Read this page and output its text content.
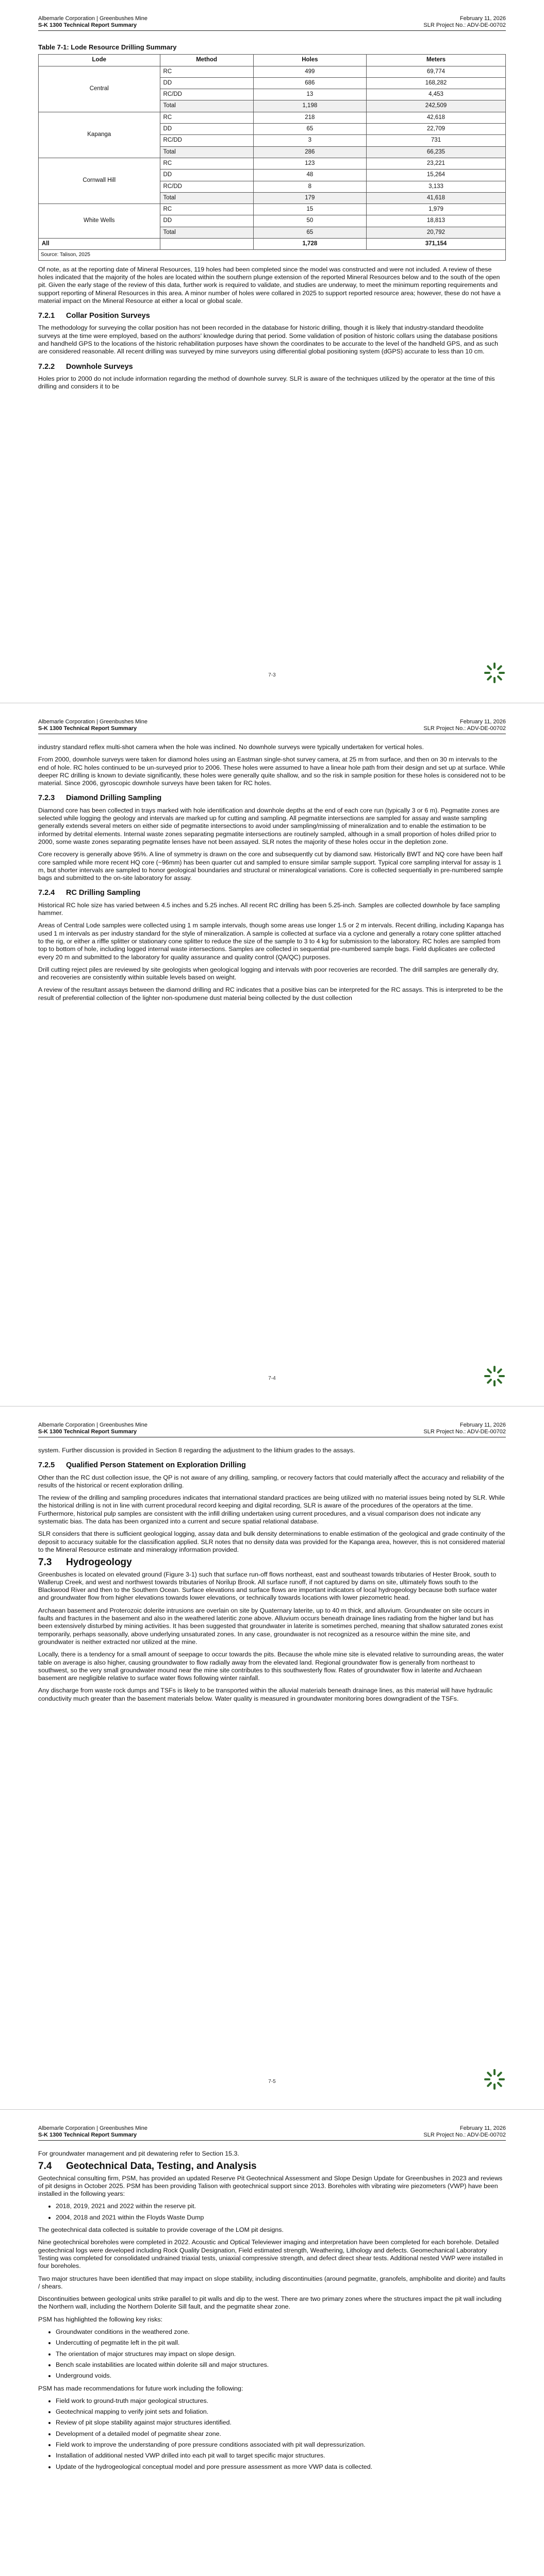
Albemarle Corporation | Greenbushes Mine
S-K 1300 Technical Report Summary
February 11, 2026
SLR Project No.: ADV-DE-00702
Table 7-1: Lode Resource Drilling Summary
Lode	Method	Holes	Meters
Central	RC	499	69,774
	DD	686	168,282
	RC/DD	13	4,453
	Total	1,198	242,509
Kapanga	RC	218	42,618
	DD	65	22,709
	RC/DD	3	731
	Total	286	66,235
Cornwall Hill	RC	123	23,221
	DD	48	15,264
	RC/DD	8	3,133
	Total	179	41,618
White Wells	RC	15	1,979
	DD	50	18,813
	Total	65	20,792
All		1,728	371,154
Source: Talison, 2025

Of note, as at the reporting date of Mineral Resources, 119 holes had been completed since the model was constructed and were not included. A review of these holes indicated that the majority of the holes are located within the southern plunge extension of the reported Mineral Resources below and to the south of the open pit. Given the early stage of the review of this data, further work is required to validate, and studies are underway, to meet the minimum reporting requirements and support reporting of Mineral Resources in this area. A minor number of holes were collared in 2025 to support reported resource area; however, these do not have a material impact on the Mineral Resource at either a local or global scale.

7.2.1 Collar Position Surveys

The methodology for surveying the collar position has not been recorded in the database for historic drilling, though it is likely that industry-standard theodolite surveys at the time were employed, based on the authors' knowledge during that period. Some validation of position of historic collars using the database positions and handheld GPS to the locations of the historic rehabilitation purposes have shown the coordinates to be accurate to the level of the handheld GPS, and as such are considered reasonable. All recent drilling was surveyed by mine surveyors using differential global positioning system (dGPS) accurate to less than 10 cm.

7.2.2 Downhole Surveys

Holes prior to 2000 do not include information regarding the method of downhole survey. SLR is aware of the techniques utilized by the operator at the time of this drilling and considers it to be

7-3
Albemarle Corporation | Greenbushes Mine
S-K 1300 Technical Report Summary
February 11, 2026
SLR Project No.: ADV-DE-00702

industry standard reflex multi-shot camera when the hole was inclined. No downhole surveys were typically undertaken for vertical holes.

From 2000, downhole surveys were taken for diamond holes using an Eastman single-shot survey camera, at 25 m from surface, and then on 30 m intervals to the end of hole. RC holes continued to be un-surveyed prior to 2006. These holes were assumed to have a linear hole path from their design and set up at surface. While deeper RC drilling is known to deviate significantly, these holes were generally quite shallow, and so the risk in sample position for these holes is considered not to be material. Since 2006, gyroscopic downhole surveys have been taken for RC holes.

7.2.3 Diamond Drilling Sampling

Diamond core has been collected in trays marked with hole identification and downhole depths at the end of each core run (typically 3 or 6 m). Pegmatite zones are selected while logging the geology and intervals are marked up for cutting and sampling. All pegmatite intersections are sampled for assay and waste sampling generally extends several meters on either side of pegmatite intersections to avoid under sampling/missing of mineralization and to enable the estimation to be informed by detrital elements. Internal waste zones separating pegmatite intersections are routinely sampled, although in a small proportion of holes drilled prior to 2000, some waste zones separating pegmatite lenses have not been assayed. SLR notes the majority of these holes occur in the depletion zone.

Core recovery is generally above 95%. A line of symmetry is drawn on the core and subsequently cut by diamond saw. Historically BWT and NQ core have been half core sampled while more recent HQ core (~96mm) has been quarter cut and sampled to ensure similar sample support. Typical core sampling interval for assay is 1 m, but shorter intervals are sampled to honor geological boundaries and structural or mineralogical variations. Core is collected sequentially in pre-numbered sample bags and submitted to the on-site laboratory for assay.

7.2.4 RC Drilling Sampling

Historical RC hole size has varied between 4.5 inches and 5.25 inches. All recent RC drilling has been 5.25-inch. Samples are collected downhole by face sampling hammer.

Areas of Central Lode samples were collected using 1 m sample intervals, though some areas use longer 1.5 or 2 m intervals. Recent drilling, including Kapanga has used 1 m intervals as per industry standard for the style of mineralization. A sample is collected at surface via a cyclone and generally a rotary cone splitter attached to the rig, or either a riffle splitter or stationary cone splitter to reduce the size of the sample to 3 to 4 kg for submission to the laboratory. RC holes are sampled from top to bottom of hole, including logged internal waste intersections. Samples are collected in sequential pre-numbered sample bags. Field duplicates are collected every 20 m and submitted to the laboratory for quality assurance and quality control (QA/QC) purposes.

Drill cutting reject piles are reviewed by site geologists when geological logging and intervals with poor recoveries are recorded. The drill samples are generally dry, and recoveries are consistently within suitable levels based on weight.

A review of the resultant assays between the diamond drilling and RC indicates that a positive bias can be interpreted for the RC assays. This is interpreted to be the result of preferential collection of the lighter non-spodumene dust material being collected by the dust collection

7-4
Albemarle Corporation | Greenbushes Mine
S-K 1300 Technical Report Summary
February 11, 2026
SLR Project No.: ADV-DE-00702

system. Further discussion is provided in Section 8 regarding the adjustment to the lithium grades to the assays.

7.2.5 Qualified Person Statement on Exploration Drilling

Other than the RC dust collection issue, the QP is not aware of any drilling, sampling, or recovery factors that could materially affect the accuracy and reliability of the results of the historical or recent exploration drilling.

The review of the drilling and sampling procedures indicates that international standard practices are being utilized with no material issues being noted by SLR. While the historical drilling is not in line with current procedural record keeping and digital recording, SLR is aware of the procedures of the operators at the time. Furthermore, historical pulp samples are consistent with the infill drilling undertaken using current procedures, and a visual comparison does not indicate any systematic bias. The data has been organized into a current and secure spatial relational database.

SLR considers that there is sufficient geological logging, assay data and bulk density determinations to enable estimation of the geological and grade continuity of the deposit to accuracy suitable for the classification applied. SLR notes that no density data was provided for the Kapanga area, however, this is not considered material to the Mineral Resource estimate and mineralogy information provided.

7.3 Hydrogeology

Greenbushes is located on elevated ground (Figure 3-1) such that surface run-off flows northeast, east and southeast towards tributaries of Hester Brook, south to Wallerup Creek, and west and northwest towards tributaries of Norilup Brook. All surface runoff, if not captured by dams on site, ultimately flows south to the Blackwood River and then to the Southern Ocean. Surface elevations and surface flows are important indicators of local hydrogeology because both surface water and groundwater flow from higher elevations towards lower elevations, or technically towards locations with lower piezometric head.

Archaean basement and Proterozoic dolerite intrusions are overlain on site by Quaternary laterite, up to 40 m thick, and alluvium. Groundwater on site occurs in faults and fractures in the basement and also in the weathered lateritic zone above. Alluvium occurs beneath drainage lines radiating from the higher land but has been extensively disturbed by mining activities. It has been suggested that groundwater in laterite is sometimes perched, meaning that shallow saturated zones exist temporarily, perhaps seasonally, above underlying unsaturated zones. In any case, groundwater is not recognized as a resource within the mine site, and groundwater is neither extracted nor utilized at the mine.

Locally, there is a tendency for a small amount of seepage to occur towards the pits. Because the whole mine site is elevated relative to surrounding areas, the water table on average is also higher, causing groundwater to flow radially away from the elevated land. Regional groundwater flow is generally from northeast to southwest, so the very small groundwater mound near the mine site contributes to this southwesterly flow. Rates of groundwater flow in laterite and Archaean basement are negligible relative to surface water flows following winter rainfall.

Any discharge from waste rock dumps and TSFs is likely to be transported within the alluvial materials beneath drainage lines, as this material will have hydraulic conductivity much greater than the basement materials below. Water quality is measured in groundwater monitoring bores downgradient of the TSFs.

7-5
Albemarle Corporation | Greenbushes Mine
S-K 1300 Technical Report Summary
February 11, 2026
SLR Project No.: ADV-DE-00702

For groundwater management and pit dewatering refer to Section 15.3.

7.4 Geotechnical Data, Testing, and Analysis

Geotechnical consulting firm, PSM, has provided an updated Reserve Pit Geotechnical Assessment and Slope Design Update for Greenbushes in 2023 and reviews of pit designs in October 2025. PSM has been providing Talison with geotechnical support since 2013. Boreholes with vibrating wire piezometers (VWP) have been installed in the following years:

• 2018, 2019, 2021 and 2022 within the reserve pit.
• 2004, 2018 and 2021 within the Floyds Waste Dump

The geotechnical data collected is suitable to provide coverage of the LOM pit designs.

Nine geotechnical boreholes were completed in 2022. Acoustic and Optical Televiewer imaging and interpretation have been completed for each borehole. Detailed geotechnical logs were developed including Rock Quality Designation, Field estimated strength, Weathering, Lithology and defects. Geomechanical Laboratory Testing was completed for consolidated undrained triaxial tests, uniaxial compressive strength, and defect direct shear tests. Additional nested VWP were installed in four boreholes.

Two major structures have been identified that may impact on slope stability, including discontinuities (around pegmatite, granofels, amphibolite and diorite) and faults / shears.

Discontinuities between geological units strike parallel to pit walls and dip to the west. There are two primary zones where the structures impact the pit wall including the Northern wall, including the Northern Dolerite Sill fault, and the pegmatite shear zone.

PSM has highlighted the following key risks:

• Groundwater conditions in the weathered zone.
• Undercutting of pegmatite left in the pit wall.
• The orientation of major structures may impact on slope design.
• Bench scale instabilities are located within dolerite sill and major structures.
• Underground voids.

PSM has made recommendations for future work including the following:

• Field work to ground-truth major geological structures.
• Geotechnical mapping to verify joint sets and foliation.
• Review of pit slope stability against major structures identified.
• Development of a detailed model of pegmatite shear zone.
• Field work to improve the understanding of pore pressure conditions associated with pit wall depressurization.
• Installation of additional nested VWP drilled into each pit wall to target specific major structures.
• Update of the hydrogeological conceptual model and pore pressure assessment as more VWP data is collected.
